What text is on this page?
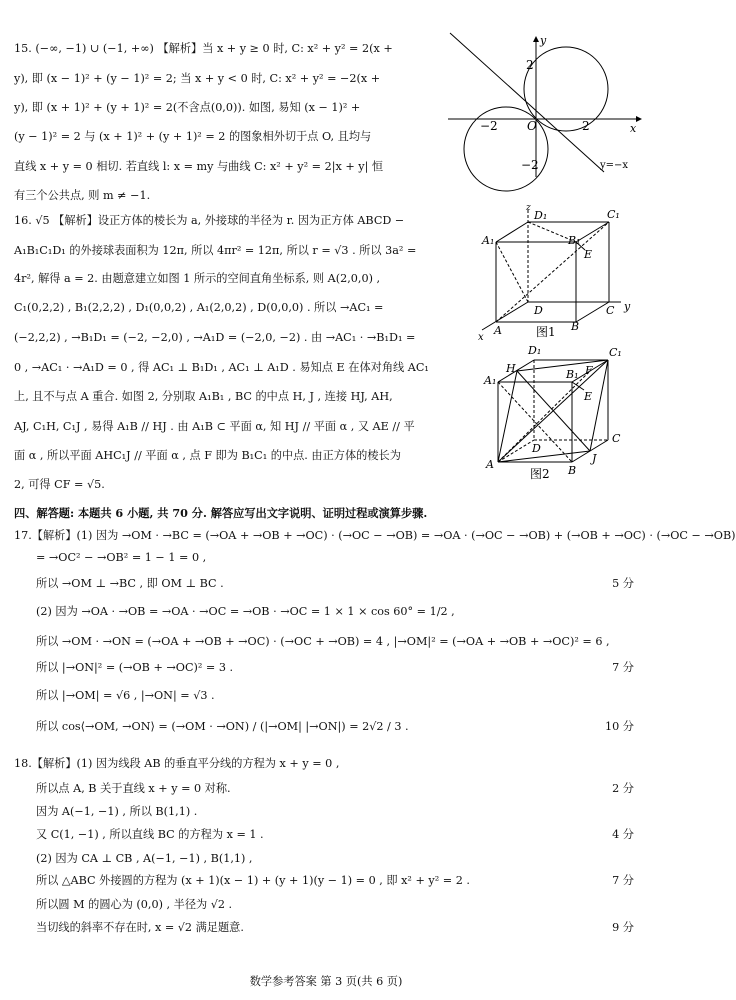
15. (−∞, −1) ∪ (−1, +∞) 【解析】当 x + y ≥ 0 时, C: x² + y² = 2(x +
y), 即 (x − 1)² + (y − 1)² = 2; 当 x + y < 0 时, C: x² + y² = −2(x +
y), 即 (x + 1)² + (y + 1)² = 2(不含点(0,0)). 如图, 易知 (x − 1)² +
(y − 1)² = 2 与 (x + 1)² + (y + 1)² = 2 的图象相外切于点 O, 且均与
直线 x + y = 0 相切. 若直线 l: x = my 与曲线 C: x² + y² = 2|x + y| 恒
有三个公共点, 则 m ≠ −1.
y
x
O
2
2
−2
−2	y=−x
16. √5 【解析】设正方体的棱长为 a, 外接球的半径为 r. 因为正方体 ABCD −
A₁B₁C₁D₁ 的外接球表面积为 12π, 所以 4πr² = 12π, 所以 r = √3 . 所以 3a² =
4r², 解得 a = 2. 由题意建立如图 1 所示的空间直角坐标系, 则 A(2,0,0) ,
C₁(0,2,2) , B₁(2,2,2) , D₁(0,0,2) , A₁(2,0,2) , D(0,0,0) . 所以 →AC₁ =
(−2,2,2) , →B₁D₁ = (−2, −2,0) , →A₁D = (−2,0, −2) . 由 →AC₁ · →B₁D₁ =
0 , →AC₁ · →A₁D = 0 , 得 AC₁ ⊥ B₁D₁ , AC₁ ⊥ A₁D . 易知点 E 在体对角线 AC₁
上, 且不与点 A 重合. 如图 2, 分别取 A₁B₁ , BC 的中点 H, J , 连接 HJ, AH,
AJ, C₁H, C₁J , 易得 A₁B // HJ . 由 A₁B ⊂ 平面 α, 知 HJ // 平面 α , 又 AE // 平
面 α , 所以平面 AHC₁J // 平面 α , 点 F 即为 B₁C₁ 的中点. 由正方体的棱长为
2, 可得 CF = √5.
z
D₁	C₁
A₁	B₁
E
D	C y
A	B
x	图1
D₁	C₁
A₁
H	F
B₁
E
D
C
A	J
B
图2
四、解答题: 本题共 6 小题, 共 70 分. 解答应写出文字说明、证明过程或演算步骤.
17.【解析】(1) 因为 →OM · →BC = (→OA + →OB + →OC) · (→OC − →OB) = →OA · (→OC − →OB) + (→OB + →OC) · (→OC − →OB)
= →OC² − →OB² = 1 − 1 = 0 ,
所以 →OM ⊥ →BC , 即 OM ⊥ BC .	5 分
(2) 因为 →OA · →OB = →OA · →OC = →OB · →OC = 1 × 1 × cos 60° = 1/2 ,
所以 →OM · →ON = (→OA + →OB + →OC) · (→OC + →OB) = 4 , |→OM|² = (→OA + →OB + →OC)² = 6 ,
所以 |→ON|² = (→OB + →OC)² = 3 .	7 分
所以 |→OM| = √6 , |→ON| = √3 .
所以 cos⟨→OM, →ON⟩ = (→OM · →ON) / (|→OM| |→ON|) = 2√2 / 3 .	10 分
18.【解析】(1) 因为线段 AB 的垂直平分线的方程为 x + y = 0 ,
所以点 A, B 关于直线 x + y = 0 对称.	2 分
因为 A(−1, −1) , 所以 B(1,1) .
又 C(1, −1) , 所以直线 BC 的方程为 x = 1 .	4 分
(2) 因为 CA ⊥ CB , A(−1, −1) , B(1,1) ,
所以 △ABC 外接圆的方程为 (x + 1)(x − 1) + (y + 1)(y − 1) = 0 , 即 x² + y² = 2 .	7 分
所以圆 M 的圆心为 (0,0) , 半径为 √2 .
当切线的斜率不存在时, x = √2 满足题意.	9 分
数学参考答案 第 3 页(共 6 页)
